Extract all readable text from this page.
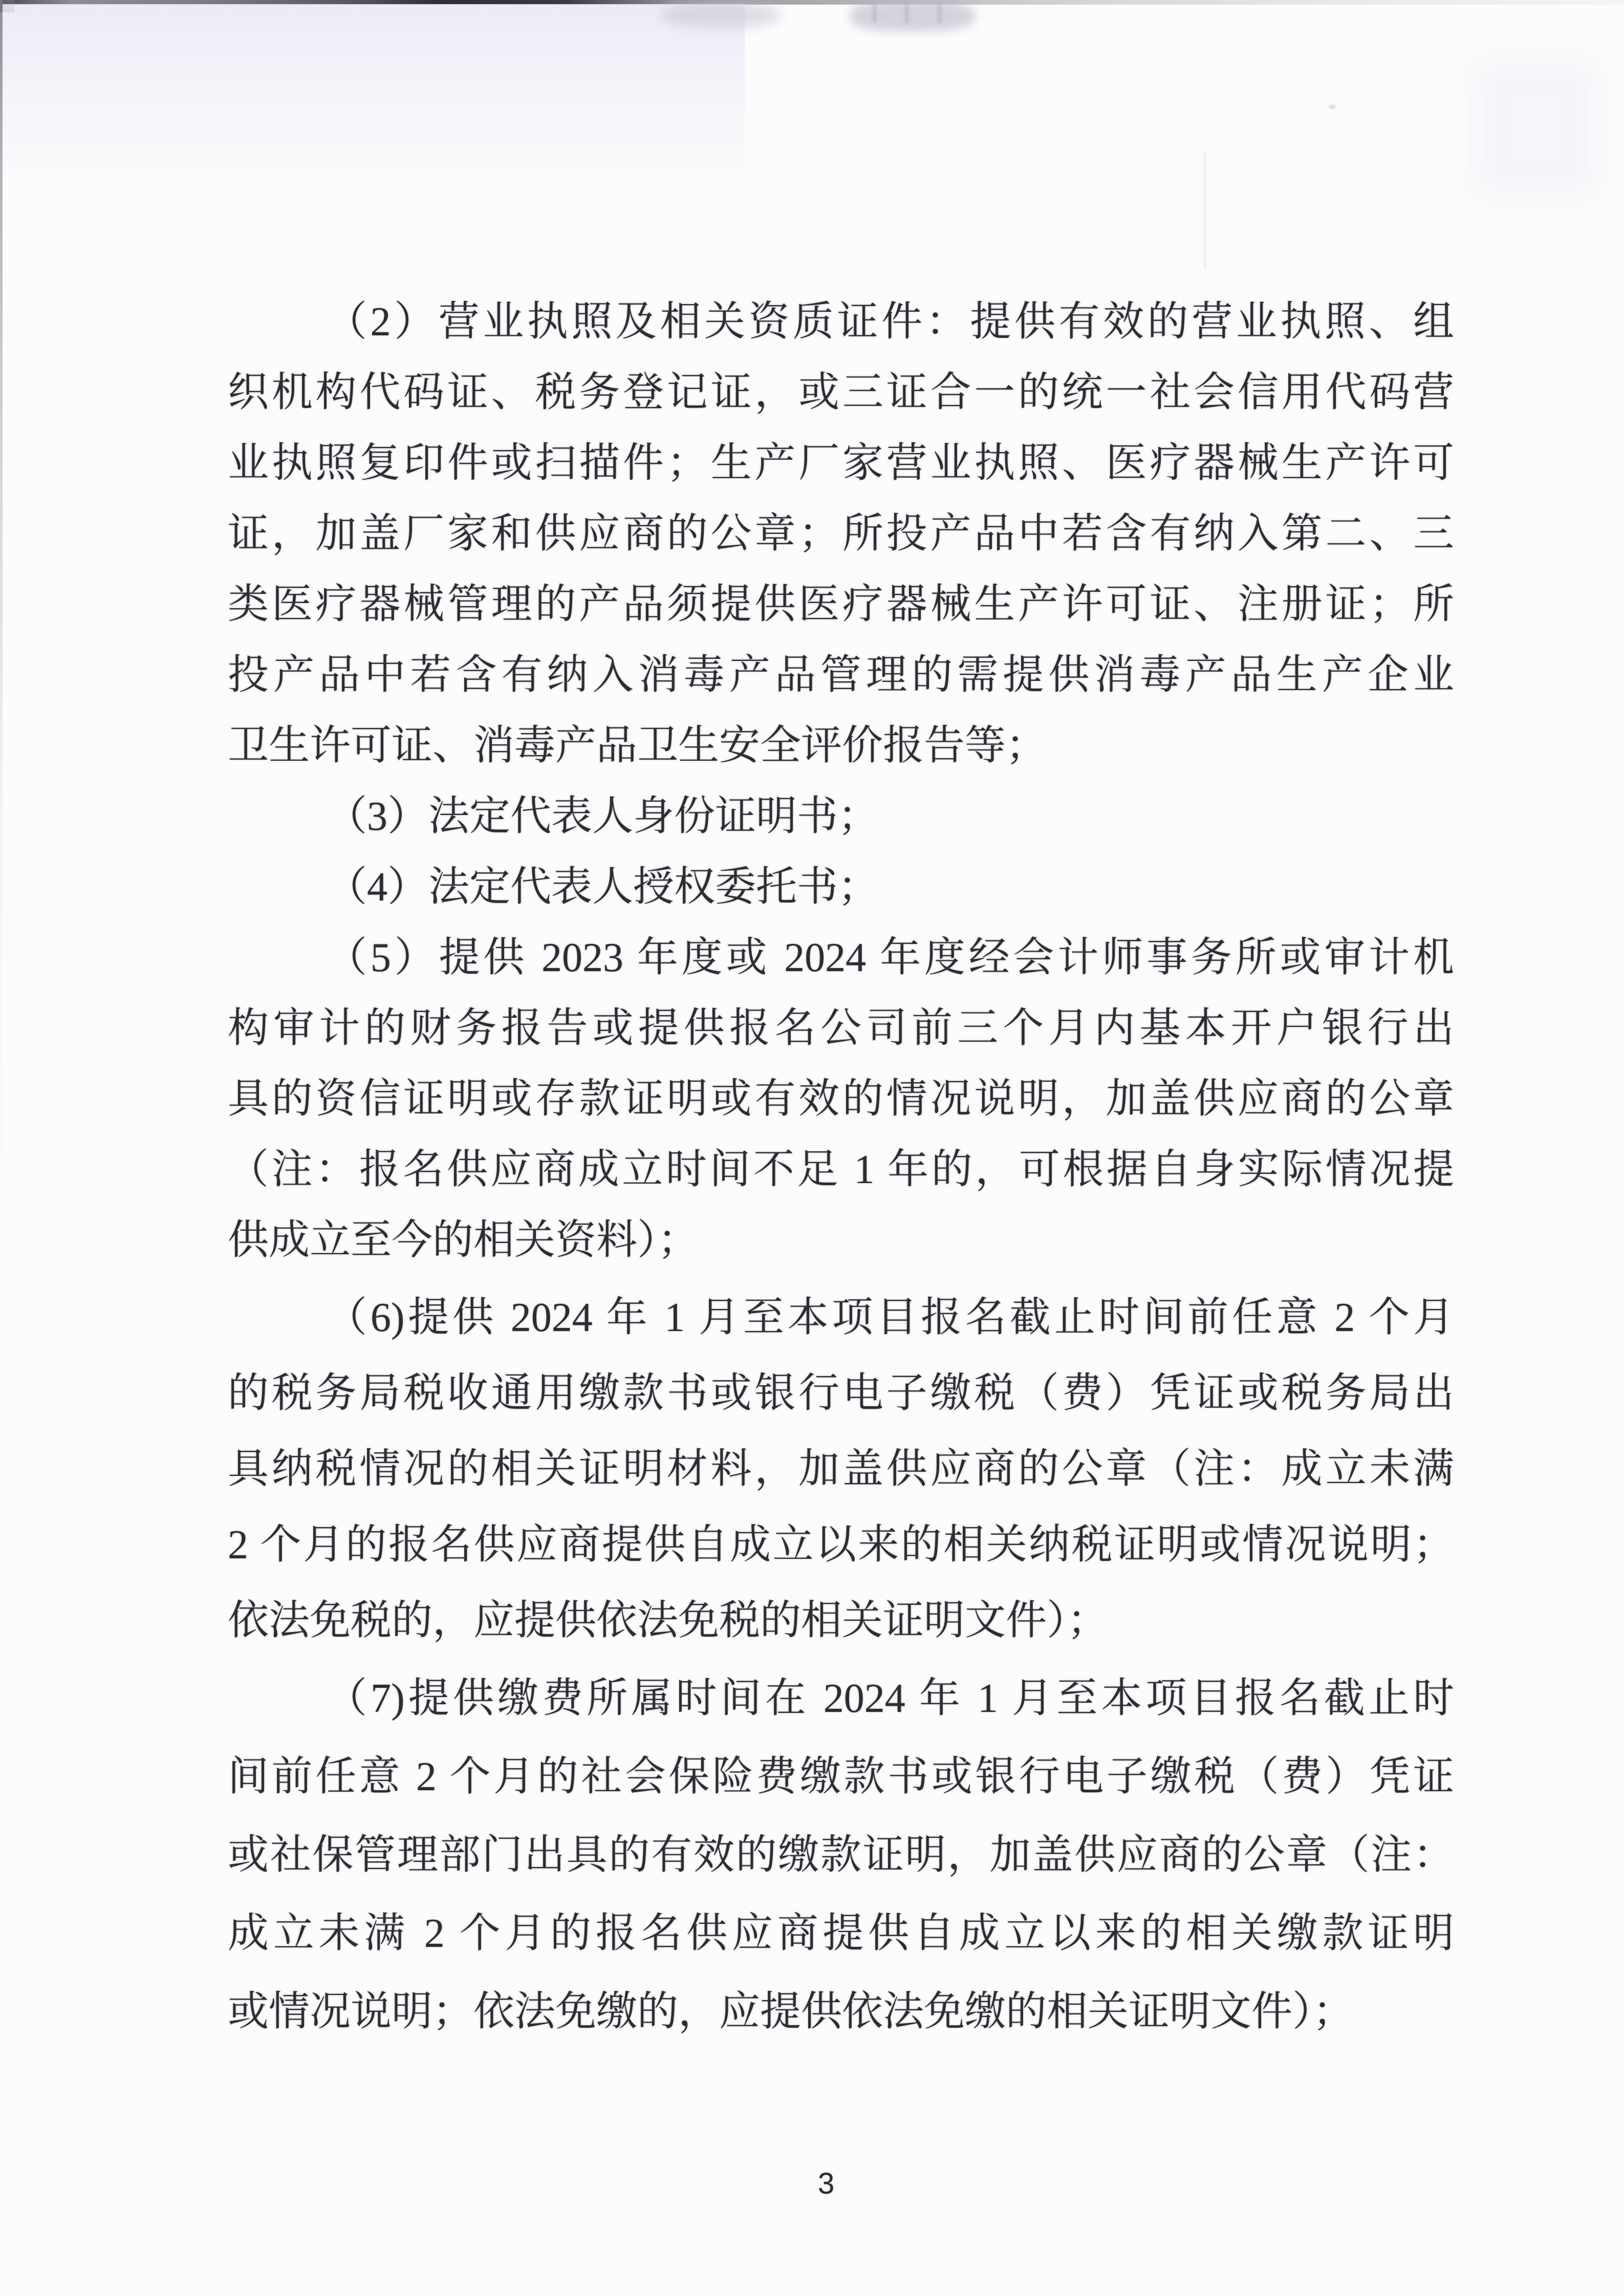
（2）营业执照及相关资质证件：提供有效的营业执照、组
织机构代码证、税务登记证，或三证合一的统一社会信用代码营
业执照复印件或扫描件；生产厂家营业执照、医疗器械生产许可
证，加盖厂家和供应商的公章；所投产品中若含有纳入第二、三
类医疗器械管理的产品须提供医疗器械生产许可证、注册证；所
投产品中若含有纳入消毒产品管理的需提供消毒产品生产企业
卫生许可证、消毒产品卫生安全评价报告等；
（3）法定代表人身份证明书；
（4）法定代表人授权委托书；
（5）提供 2023 年度或 2024 年度经会计师事务所或审计机
构审计的财务报告或提供报名公司前三个月内基本开户银行出
具的资信证明或存款证明或有效的情况说明，加盖供应商的公章
（注：报名供应商成立时间不足 1 年的，可根据自身实际情况提
供成立至今的相关资料）；
（6)提供 2024 年 1 月至本项目报名截止时间前任意 2 个月
的税务局税收通用缴款书或银行电子缴税（费）凭证或税务局出
具纳税情况的相关证明材料，加盖供应商的公章（注：成立未满
2 个月的报名供应商提供自成立以来的相关纳税证明或情况说明；
依法免税的，应提供依法免税的相关证明文件）；
（7)提供缴费所属时间在 2024 年 1 月至本项目报名截止时
间前任意 2 个月的社会保险费缴款书或银行电子缴税（费）凭证
或社保管理部门出具的有效的缴款证明，加盖供应商的公章（注：
成立未满 2 个月的报名供应商提供自成立以来的相关缴款证明
或情况说明；依法免缴的，应提供依法免缴的相关证明文件）；
3
